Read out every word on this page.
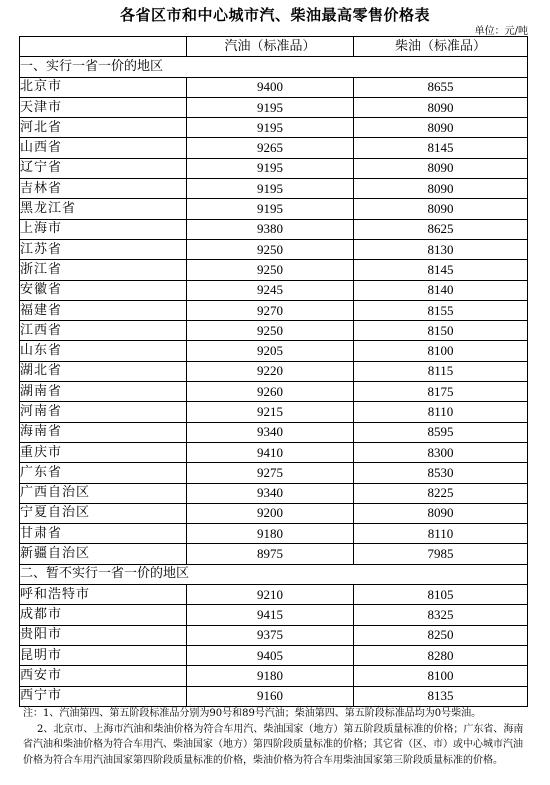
各省区市和中心城市汽、柴油最高零售价格表
单位：元/吨
	汽油（标准品）	柴油（标准品）
一、实行一省一价的地区		
北京市	9400	8655
天津市	9195	8090
河北省	9195	8090
山西省	9265	8145
辽宁省	9195	8090
吉林省	9195	8090
黑龙江省	9195	8090
上海市	9380	8625
江苏省	9250	8130
浙江省	9250	8145
安徽省	9245	8140
福建省	9270	8155
江西省	9250	8150
山东省	9205	8100
湖北省	9220	8115
湖南省	9260	8175
河南省	9215	8110
海南省	9340	8595
重庆市	9410	8300
广东省	9275	8530
广西自治区	9340	8225
宁夏自治区	9200	8090
甘肃省	9180	8110
新疆自治区	8975	7985
二、暂不实行一省一价的地区		
呼和浩特市	9210	8105
成都市	9415	8325
贵阳市	9375	8250
昆明市	9405	8280
西安市	9180	8100
西宁市	9160	8135

注：1、汽油第四、第五阶段标准品分别为90号和89号汽油；柴油第四、第五阶段标准品均为0号柴油。

2、北京市、上海市汽油和柴油价格为符合车用汽、柴油国家（地方）第五阶段质量标准的价格；广东省、海南省汽油和柴油价格为符合车用汽、柴油国家（地方）第四阶段质量标准的价格；其它省（区、市）或中心城市汽油价格为符合车用汽油国家第四阶段质量标准的价格，柴油价格为符合车用柴油国家第三阶段质量标准的价格。
